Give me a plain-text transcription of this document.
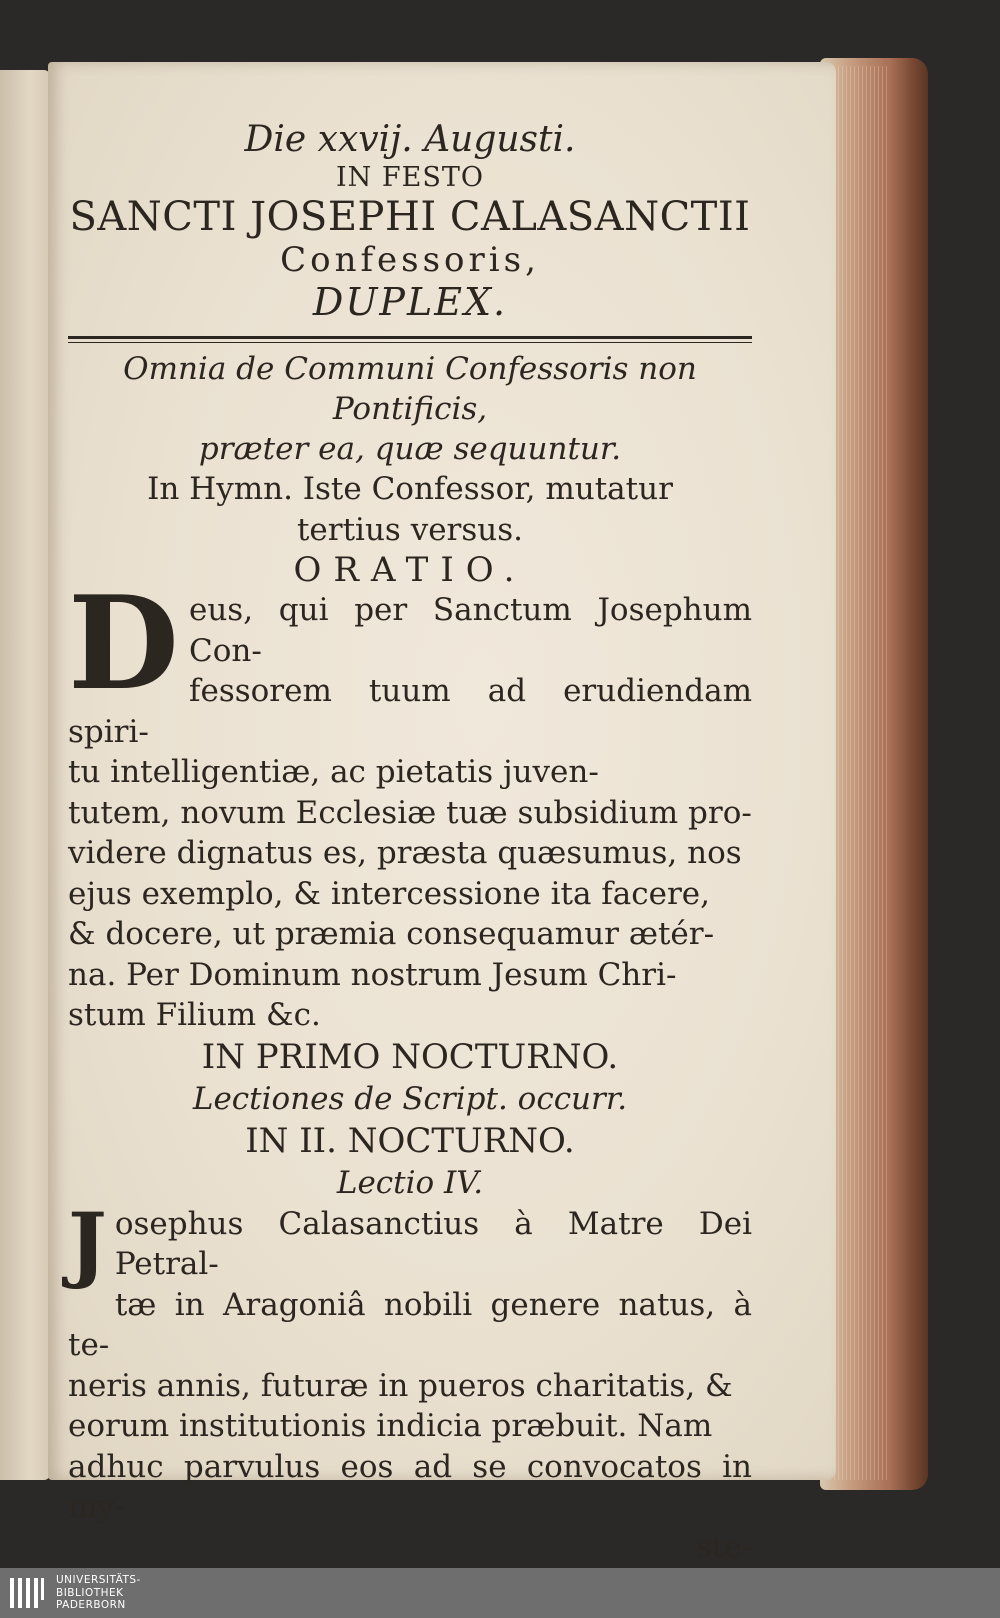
Die xxvij. Augusti.
IN FESTO
SANCTI JOSEPHI CALASANCTII
Confessoris,
DUPLEX.
Omnia de Communi Confessoris non Pontificis,
præter ea, quæ sequuntur.
In Hymn. Iste Confessor, mutatur
tertius versus.
ORATIO.
D eus, qui per Sanctum Josephum Con-
fessorem tuum ad erudiendam spiri-
tu intelligentiæ, ac pietatis juven-
tutem, novum Ecclesiæ tuæ subsidium pro-
videre dignatus es, præsta quæsumus, nos
ejus exemplo, & intercessione ita facere,
& docere, ut præmia consequamur ætér-
na. Per Dominum nostrum Jesum Chri-
stum Filium &c.
IN PRIMO NOCTURNO.
Lectiones de Script. occurr.
IN II. NOCTURNO.
Lectio IV.
J osephus Calasanctius à Matre Dei Petral-
tæ in Aragoniâ nobili genere natus, à te-
neris annis, futuræ in pueros charitatis, &
eorum institutionis indicia præbuit. Nam
adhuc parvulus eos ad se convocatos in my-
ste-
UNIVERSITÄTS-
BIBLIOTHEK
PADERBORN
